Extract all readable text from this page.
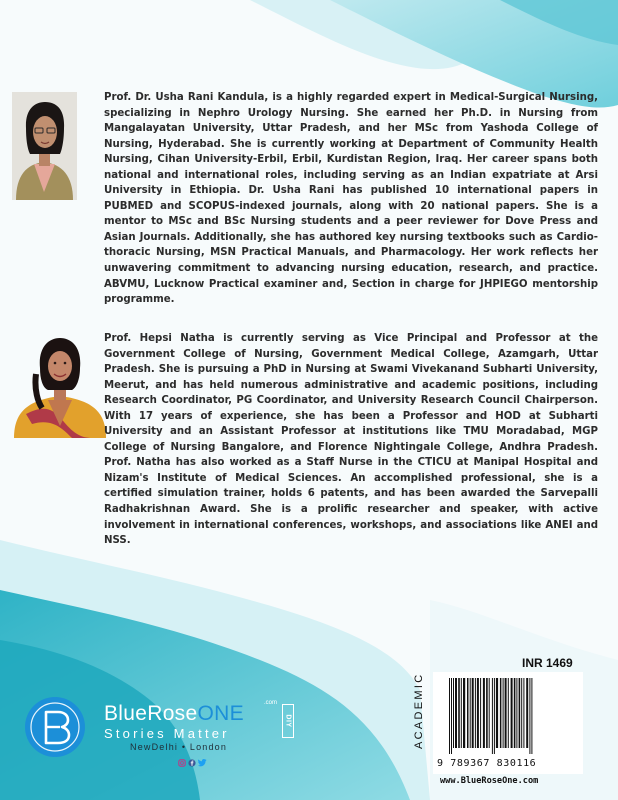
Prof. Dr. Usha Rani Kandula, is a highly regarded expert in Medical-Surgical Nursing, specializing in Nephro Urology Nursing. She earned her Ph.D. in Nursing from Mangalayatan University, Uttar Pradesh, and her MSc from Yashoda College of Nursing, Hyderabad. She is currently working at Department of Community Health Nursing, Cihan University-Erbil, Erbil, Kurdistan Region, Iraq. Her career spans both national and international roles, including serving as an Indian expatriate at Arsi University in Ethiopia. Dr. Usha Rani has published 10 international papers in PUBMED and SCOPUS-indexed journals, along with 20 national papers. She is a mentor to MSc and BSc Nursing students and a peer reviewer for Dove Press and Asian Journals. Additionally, she has authored key nursing textbooks such as Cardio-thoracic Nursing, MSN Practical Manuals, and Pharmacology. Her work reflects her unwavering commitment to advancing nursing education, research, and practice. ABVMU, Lucknow Practical examiner and, Section in charge for JHPIEGO mentorship programme.

Prof. Hepsi Natha is currently serving as Vice Principal and Professor at the Government College of Nursing, Government Medical College, Azamgarh, Uttar Pradesh. She is pursuing a PhD in Nursing at Swami Vivekanand Subharti University, Meerut, and has held numerous administrative and academic positions, including Research Coordinator, PG Coordinator, and University Research Council Chairperson. With 17 years of experience, she has been a Professor and HOD at Subharti University and an Assistant Professor at institutions like TMU Moradabad, MGP College of Nursing Bangalore, and Florence Nightingale College, Andhra Pradesh. Prof. Natha has also worked as a Staff Nurse in the CTICU at Manipal Hospital and Nizam's Institute of Medical Sciences. An accomplished professional, she is a certified simulation trainer, holds 6 patents, and has been awarded the Sarvepalli Radhakrishnan Award. She is a prolific researcher and speaker, with active involvement in international conferences, workshops, and associations like ANEI and NSS.

BlueRoseONE	.com
Stories Matter
DIY
NewDelhi • London

INR 1469
ACADEMIC
9 789367 830116
www.BlueRoseOne.com
